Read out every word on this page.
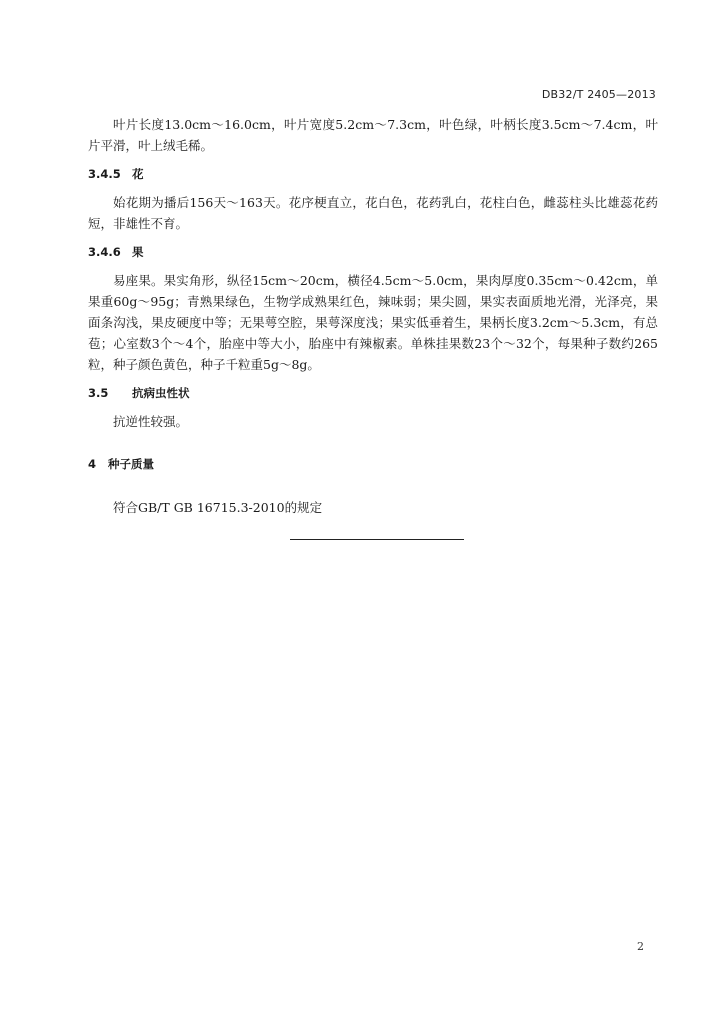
DB32/T 2405—2013

叶片长度13.0cm～16.0cm，叶片宽度5.2cm～7.3cm，叶色绿，叶柄长度3.5cm～7.4cm，叶片平滑，叶上绒毛稀。

3.4.5 花

始花期为播后156天～163天。花序梗直立，花白色，花药乳白，花柱白色，雌蕊柱头比雄蕊花药短，非雄性不育。

3.4.6 果

易座果。果实角形，纵径15cm～20cm，横径4.5cm～5.0cm，果肉厚度0.35cm～0.42cm，单果重60g～95g；青熟果绿色，生物学成熟果红色，辣味弱；果尖圆，果实表面质地光滑，光泽亮，果面条沟浅，果皮硬度中等；无果萼空腔，果萼深度浅；果实低垂着生，果柄长度3.2cm～5.3cm，有总苞；心室数3个～4个，胎座中等大小，胎座中有辣椒素。单株挂果数23个～32个，每果种子数约265粒，种子颜色黄色，种子千粒重5g～8g。

3.5 抗病虫性状

抗逆性较强。

4 种子质量

符合GB/T GB 16715.3-2010的规定

2
